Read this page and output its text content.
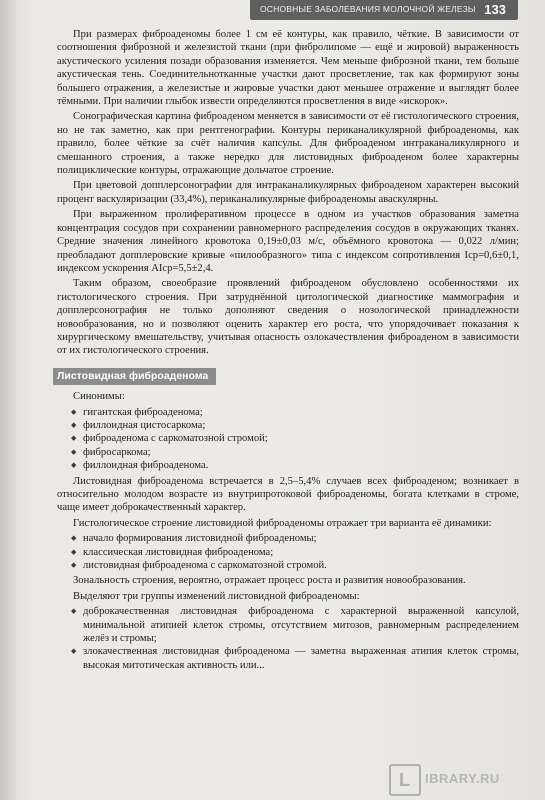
ОСНОВНЫЕ ЗАБОЛЕВАНИЯ МОЛОЧНОЙ ЖЕЛЕЗЫ 133

При размерах фиброаденомы более 1 см её контуры, как правило, чёткие. В зависимости от соотношения фиброзной и железистой ткани (при фибролипоме — ещё и жировой) выраженность акустического усиления позади образования изменяется. Чем меньше фиброзной ткани, тем больше акустическая тень. Соединительнотканные участки дают просветление, так как формируют зоны большего отражения, а железистые и жировые участки дают меньшее отражение и выглядят более тёмными. При наличии глыбок извести определяются просветления в виде «искорок».

Сонографическая картина фиброаденом меняется в зависимости от её гистологического строения, но не так заметно, как при рентгенографии. Контуры периканаликулярной фиброаденомы, как правило, более чёткие за счёт наличия капсулы. Для фиброаденом интраканаликулярного и смешанного строения, а также нередко для листовидных фиброаденом более характерны полициклические контуры, отражающие дольчатое строение.

При цветовой допплерсонографии для интраканаликулярных фиброаденом характерен высокий процент васкуляризации (33,4%), периканаликулярные фиброаденомы аваскулярны.

При выраженном пролиферативном процессе в одном из участков образования заметна концентрация сосудов при сохранении равномерного распределения сосудов в окружающих тканях. Средние значения линейного кровотока 0,19±0,03 м/с, объёмного кровотока — 0,022 л/мин; преобладают допплеровские кривые «пилообразного» типа с индексом сопротивления Iср=0,6±0,1, индексом ускорения AIср=5,5±2,4.

Таким образом, своеобразие проявлений фиброаденом обусловлено особенностями их гистологического строения. При затруднённой цитологической диагностике маммография и допплерсонография не только дополняют сведения о нозологической принадлежности новообразования, но и позволяют оценить характер его роста, что упорядочивает показания к хирургическому вмешательству, учитывая опасность озлокачествления фиброаденом в зависимости от их гистологического строения.

Листовидная фиброаденома

Синонимы:

◆ гигантская фиброаденома;
◆ филлоидная цистосаркома;
◆ фиброаденома с саркоматозной стромой;
◆ фибросаркома;
◆ филлоидная фиброаденома.

Листовидная фиброаденома встречается в 2,5–5,4% случаев всех фиброаденом; возникает в относительно молодом возрасте из внутрипротоковой фиброаденомы, богата клетками в строме, чаще имеет доброкачественный характер.

Гистологическое строение листовидной фиброаденомы отражает три варианта её динамики:

◆ начало формирования листовидной фиброаденомы;
◆ классическая листовидная фиброаденома;
◆ листовидная фиброаденома с саркоматозной стромой.

Зональность строения, вероятно, отражает процесс роста и развития новообразования.

Выделяют три группы изменений листовидной фиброаденомы:

◆ доброкачественная листовидная фиброаденома с характерной выраженной капсулой, минимальной атипией клеток стромы, отсутствием митозов, равномерным распределением желёз и стромы;
◆ злокачественная листовидная фиброаденома — заметна выраженная атипия клеток стромы, высокая митотическая активность или...
L IBRARY.RU
